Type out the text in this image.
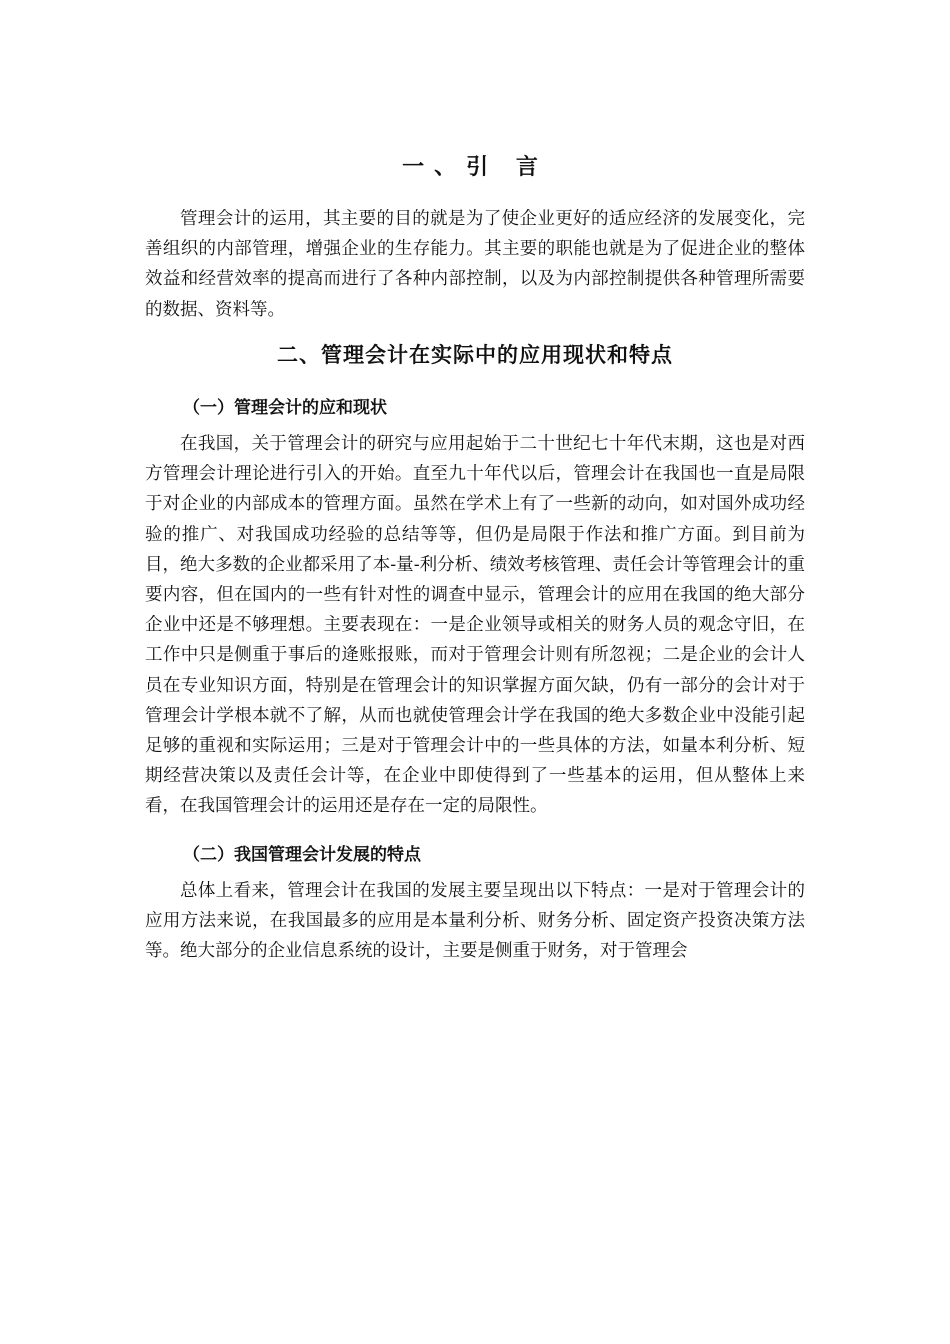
一、引 言

管理会计的运用，其主要的目的就是为了使企业更好的适应经济的发展变化，完善组织的内部管理，增强企业的生存能力。其主要的职能也就是为了促进企业的整体效益和经营效率的提高而进行了各种内部控制，以及为内部控制提供各种管理所需要的数据、资料等。

二、管理会计在实际中的应用现状和特点
（一）管理会计的应和现状

在我国，关于管理会计的研究与应用起始于二十世纪七十年代末期，这也是对西方管理会计理论进行引入的开始。直至九十年代以后，管理会计在我国也一直是局限于对企业的内部成本的管理方面。虽然在学术上有了一些新的动向，如对国外成功经验的推广、对我国成功经验的总结等等，但仍是局限于作法和推广方面。到目前为目，绝大多数的企业都采用了本-量-利分析、绩效考核管理、责任会计等管理会计的重要内容，但在国内的一些有针对性的调查中显示，管理会计的应用在我国的绝大部分企业中还是不够理想。主要表现在：一是企业领导或相关的财务人员的观念守旧，在工作中只是侧重于事后的逄账报账，而对于管理会计则有所忽视；二是企业的会计人员在专业知识方面，特别是在管理会计的知识掌握方面欠缺，仍有一部分的会计对于管理会计学根本就不了解，从而也就使管理会计学在我国的绝大多数企业中没能引起足够的重视和实际运用；三是对于管理会计中的一些具体的方法，如量本利分析、短期经营决策以及责任会计等，在企业中即使得到了一些基本的运用，但从整体上来看，在我国管理会计的运用还是存在一定的局限性。

（二）我国管理会计发展的特点

总体上看来，管理会计在我国的发展主要呈现出以下特点：一是对于管理会计的应用方法来说，在我国最多的应用是本量利分析、财务分析、固定资产投资决策方法等。绝大部分的企业信息系统的设计，主要是侧重于财务，对于管理会
